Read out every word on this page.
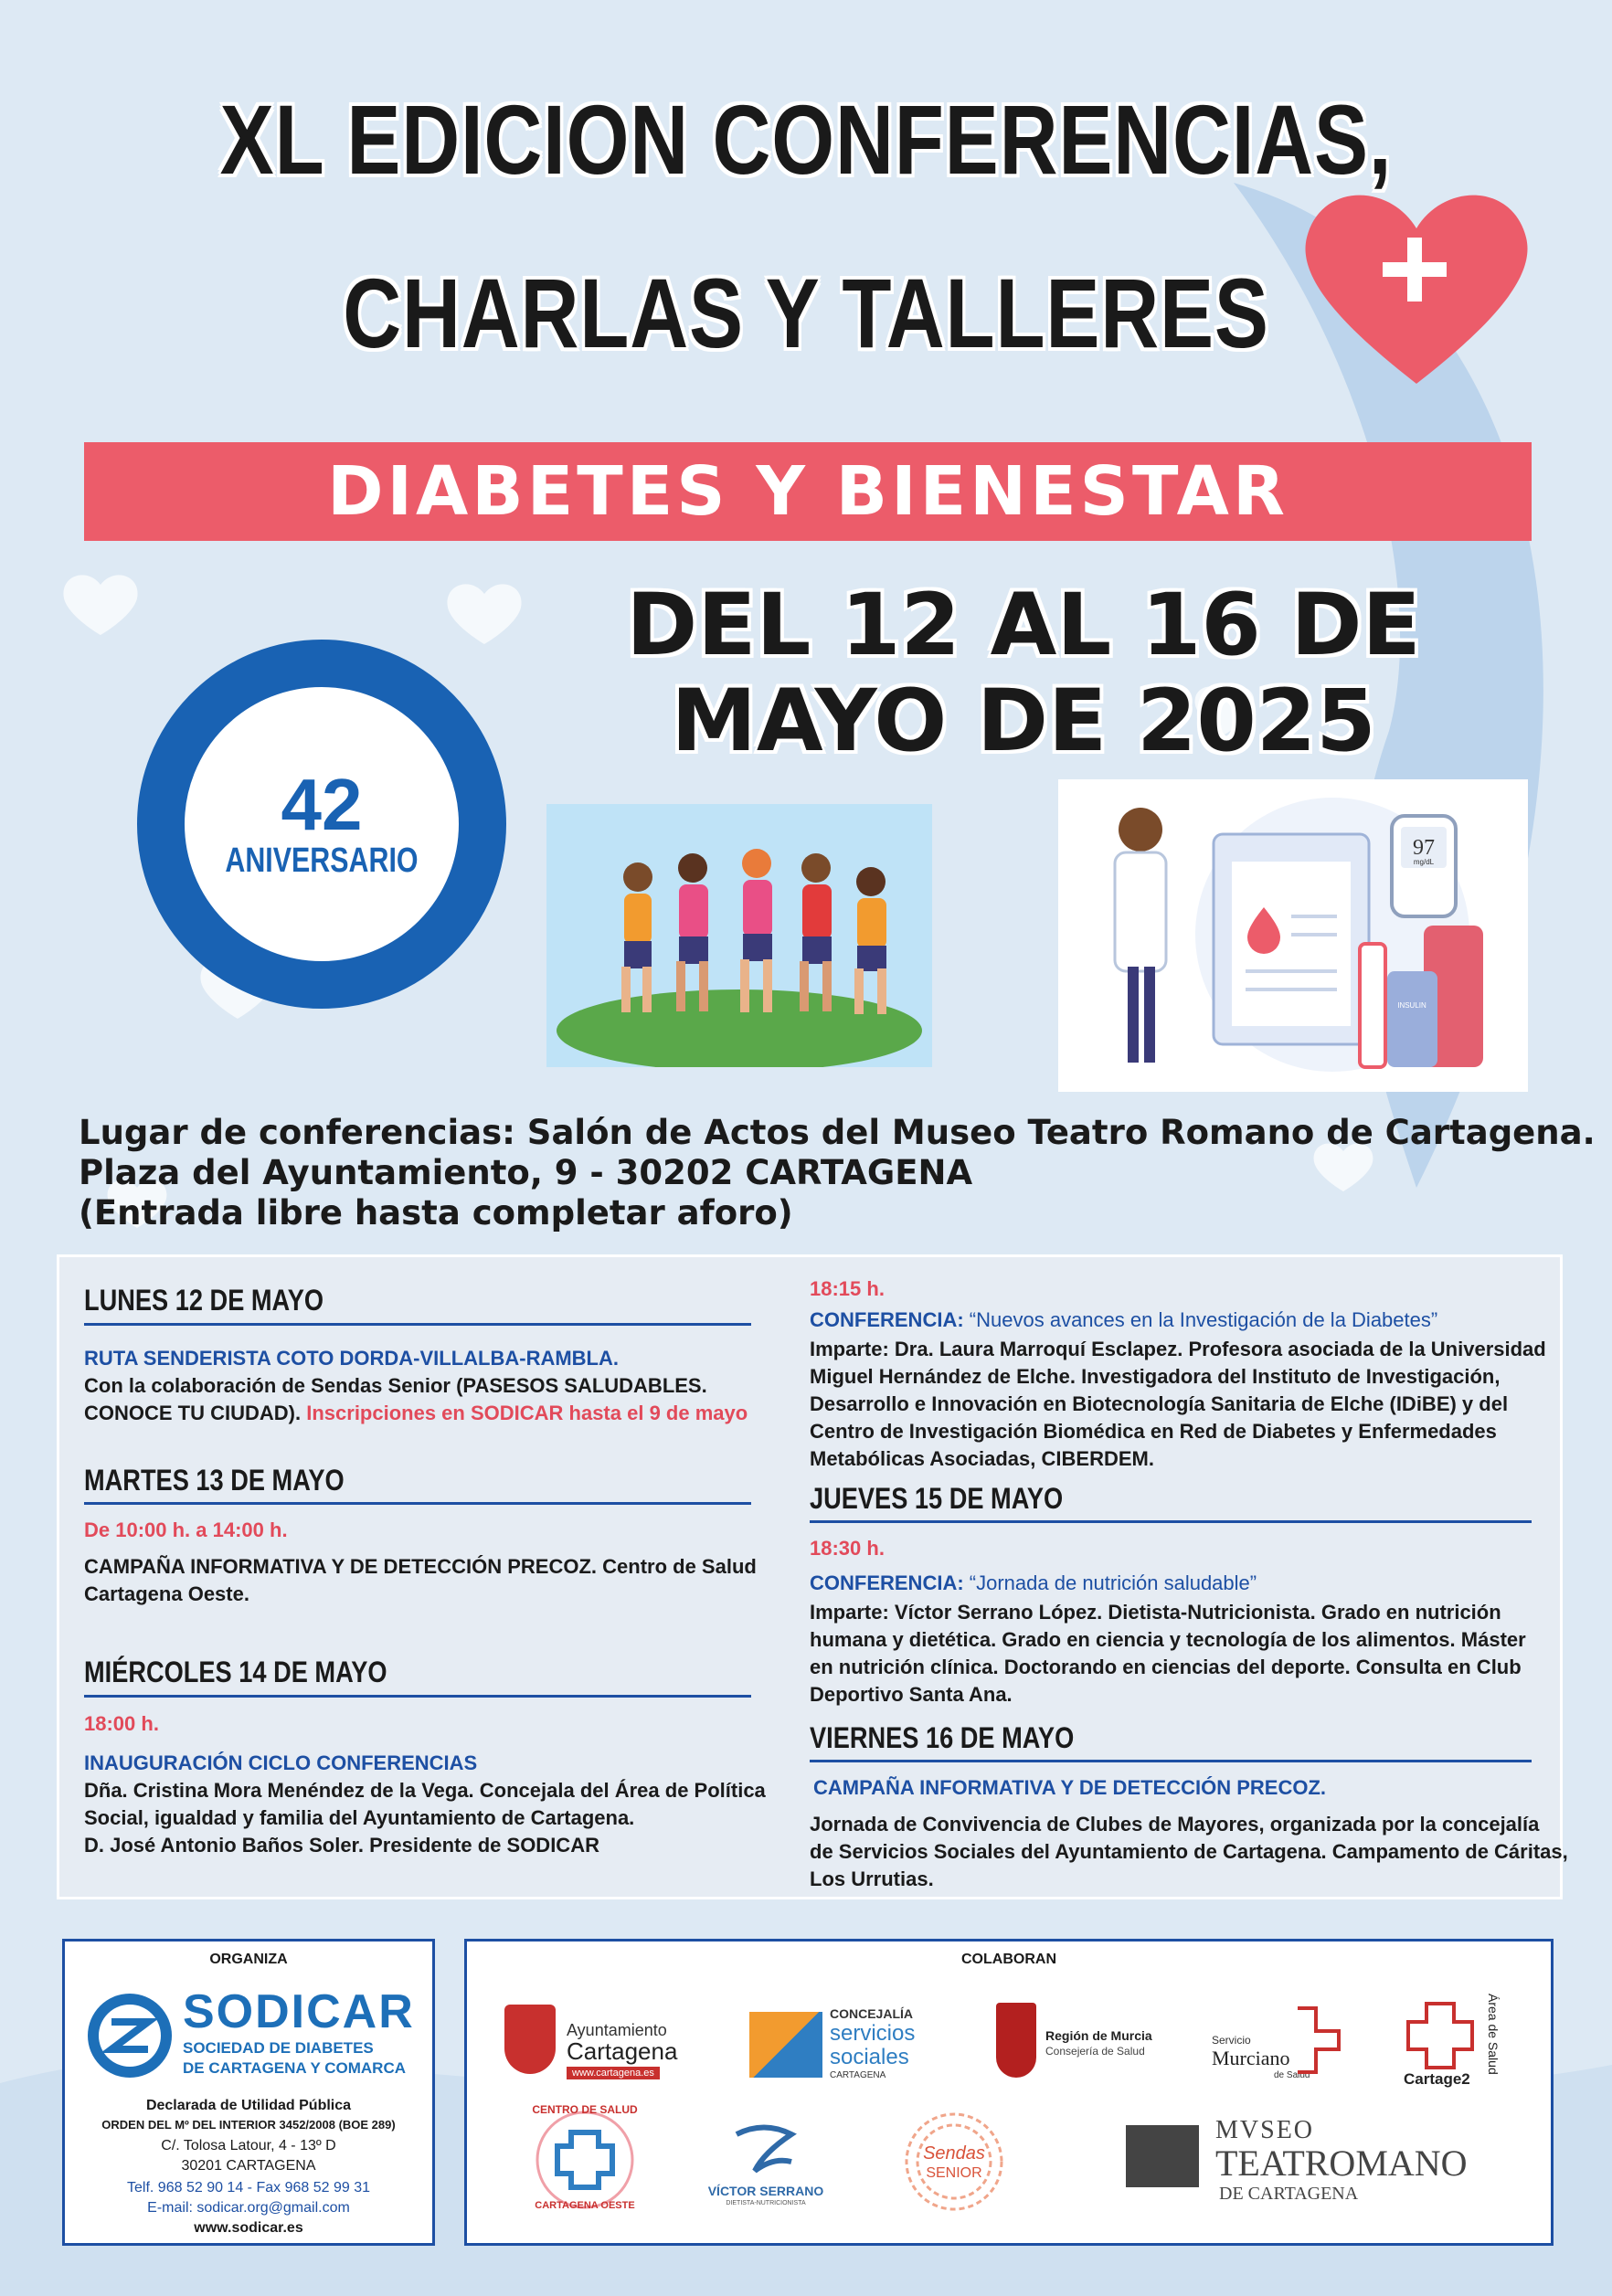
XL EDICION CONFERENCIAS,
CHARLAS Y TALLERES
DIABETES Y BIENESTAR
DEL 12 AL 16 DE
MAYO DE 2025
42
ANIVERSARIO	97
mg/dL
INSULIN
Lugar de conferencias: Salón de Actos del Museo Teatro Romano de Cartagena.
Plaza del Ayuntamiento, 9 - 30202 CARTAGENA
(Entrada libre hasta completar aforo)
LUNES 12 DE MAYO
RUTA SENDERISTA COTO DORDA-VILLALBA-RAMBLA.
Con la colaboración de Sendas Senior (PASESOS SALUDABLES.
CONOCE TU CIUDAD). Inscripciones en SODICAR hasta el 9 de mayo
MARTES 13 DE MAYO
De 10:00 h. a 14:00 h.
CAMPAÑA INFORMATIVA Y DE DETECCIÓN PRECOZ. Centro de Salud
Cartagena Oeste.
MIÉRCOLES 14 DE MAYO
18:00 h.
INAUGURACIÓN CICLO CONFERENCIAS
Dña. Cristina Mora Menéndez de la Vega. Concejala del Área de Política
Social, igualdad y familia del Ayuntamiento de Cartagena.
D. José Antonio Baños Soler. Presidente de SODICAR
18:15 h.
CONFERENCIA: “Nuevos avances en la Investigación de la Diabetes”
Imparte: Dra. Laura Marroquí Esclapez. Profesora asociada de la Universidad
Miguel Hernández de Elche. Investigadora del Instituto de Investigación,
Desarrollo e Innovación en Biotecnología Sanitaria de Elche (IDiBE) y del
Centro de Investigación Biomédica en Red de Diabetes y Enfermedades
Metabólicas Asociadas, CIBERDEM.
JUEVES 15 DE MAYO
18:30 h.
CONFERENCIA: “Jornada de nutrición saludable”
Imparte: Víctor Serrano López. Dietista-Nutricionista. Grado en nutrición
humana y dietética. Grado en ciencia y tecnología de los alimentos. Máster
en nutrición clínica. Doctorando en ciencias del deporte. Consulta en Club
Deportivo Santa Ana.
VIERNES 16 DE MAYO
CAMPAÑA INFORMATIVA Y DE DETECCIÓN PRECOZ.
Jornada de Convivencia de Clubes de Mayores, organizada por la concejalía
de Servicios Sociales del Ayuntamiento de Cartagena. Campamento de Cáritas,
Los Urrutias.
ORGANIZA
SODICAR
SOCIEDAD DE DIABETES
DE CARTAGENA Y COMARCA
Declarada de Utilidad Pública
ORDEN DEL Mº DEL INTERIOR 3452/2008 (BOE 289)
C/. Tolosa Latour, 4 - 13º D
30201 CARTAGENA
Telf. 968 52 90 14 - Fax 968 52 99 31
E-mail: sodicar.org@gmail.com
www.sodicar.es
COLABORAN
Ayuntamiento
Cartagena
www.cartagena.es
CONCEJALÍA
servicios
sociales
CARTAGENA
Región de Murcia
Consejería de Salud
Servicio
Murciano
de Salud
Área de Salud
Cartage2
CENTRO DE SALUD
CARTAGENA OESTE
VÍCTOR SERRANO
DIETISTA-NUTRICIONISTA
Sendas
SENIOR
MVSEO
TEATROMANO
DE CARTAGENA
